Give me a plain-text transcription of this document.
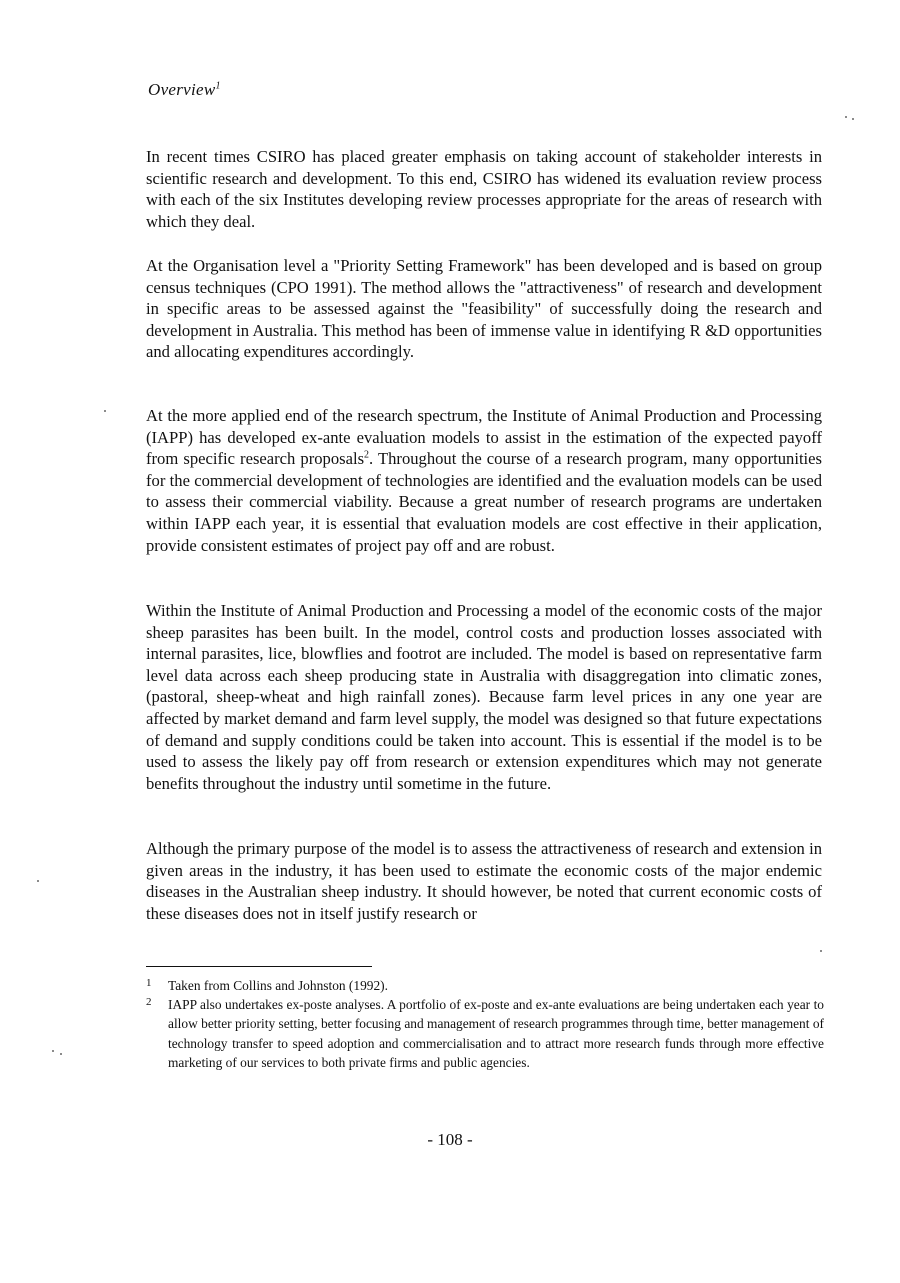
Overview$^1$

In recent times CSIRO has placed greater emphasis on taking account of stakeholder interests in scientific research and development. To this end, CSIRO has widened its evaluation review process with each of the six Institutes developing review processes appropriate for the areas of research with which they deal.

At the Organisation level a "Priority Setting Framework" has been developed and is based on group census techniques (CPO 1991). The method allows the "attractiveness" of research and development in specific areas to be assessed against the "feasibility" of successfully doing the research and development in Australia. This method has been of immense value in identifying R &D opportunities and allocating expenditures accordingly.

At the more applied end of the research spectrum, the Institute of Animal Production and Processing (IAPP) has developed ex-ante evaluation models to assist in the estimation of the expected payoff from specific research proposals$^2$. Throughout the course of a research program, many opportunities for the commercial development of technologies are identified and the evaluation models can be used to assess their commercial viability. Because a great number of research programs are undertaken within IAPP each year, it is essential that evaluation models are cost effective in their application, provide consistent estimates of project pay off and are robust.

Within the Institute of Animal Production and Processing a model of the economic costs of the major sheep parasites has been built. In the model, control costs and production losses associated with internal parasites, lice, blowflies and footrot are included. The model is based on representative farm level data across each sheep producing state in Australia with disaggregation into climatic zones, (pastoral, sheep-wheat and high rainfall zones). Because farm level prices in any one year are affected by market demand and farm level supply, the model was designed so that future expectations of demand and supply conditions could be taken into account. This is essential if the model is to be used to assess the likely pay off from research or extension expenditures which may not generate benefits throughout the industry until sometime in the future.

Although the primary purpose of the model is to assess the attractiveness of research and extension in given areas in the industry, it has been used to estimate the economic costs of the major endemic diseases in the Australian sheep industry. It should however, be noted that current economic costs of these diseases does not in itself justify research or

1 Taken from Collins and Johnston (1992).
2 IAPP also undertakes ex-poste analyses. A portfolio of ex-poste and ex-ante evaluations are being undertaken each year to allow better priority setting, better focusing and management of research programmes through time, better management of technology transfer to speed adoption and commercialisation and to attract more research funds through more effective marketing of our services to both private firms and public agencies.
- 108 -
